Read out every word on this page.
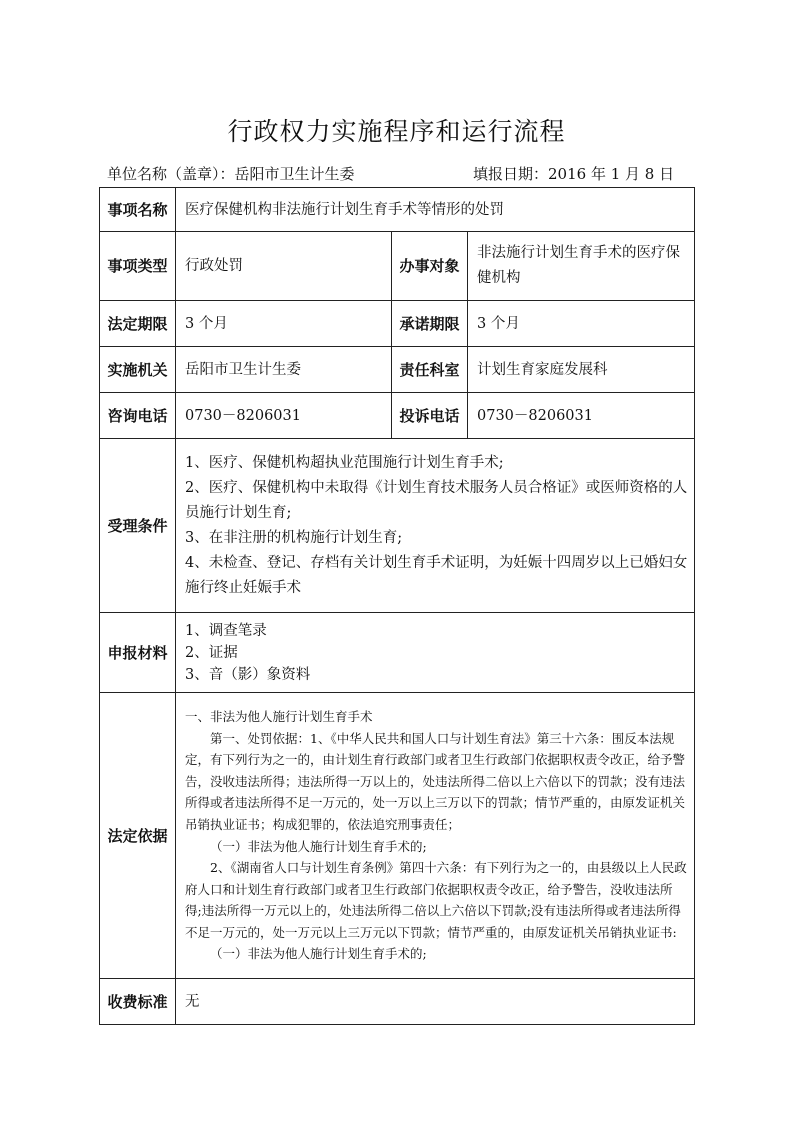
行政权力实施程序和运行流程
单位名称（盖章）：岳阳市卫生计生委	填报日期：2016 年 1 月 8 日
事项名称	医疗保健机构非法施行计划生育手术等情形的处罚		
事项类型	行政处罚	办事对象	非法施行计划生育手术的医疗保健机构
法定期限	3 个月	承诺期限	3 个月
实施机关	岳阳市卫生计生委	责任科室	计划生育家庭发展科
咨询电话	0730－8206031	投诉电话	0730－8206031
受理条件	1、医疗、保健机构超执业范围施行计划生育手术;
2、医疗、保健机构中未取得《计划生育技术服务人员合格证》或医师资格的人员施行计划生育;
3、在非注册的机构施行计划生育;
4、未检查、登记、存档有关计划生育手术证明，为妊娠十四周岁以上已婚妇女施行终止妊娠手术		

申报材料	1、调查笔录
2、证据
3、音（影）象资料		

法定依据	一、非法为他人施行计划生育手术

第一、处罚依据：1、《中华人民共和国人口与计划生育法》第三十六条：围反本法规定，有下列行为之一的，由计划生育行政部门或者卫生行政部门依据职权责令改正，给予警告，没收违法所得；违法所得一万以上的，处违法所得二倍以上六倍以下的罚款；没有违法所得或者违法所得不足一万元的，处一万以上三万以下的罚款；情节严重的，由原发证机关吊销执业证书；构成犯罪的，依法追究刑事责任；

（一）非法为他人施行计划生育手术的;

2、《湖南省人口与计划生育条例》第四十六条：有下列行为之一的，由县级以上人民政府人口和计划生育行政部门或者卫生行政部门依据职权责令改正，给予警告，没收违法所得;违法所得一万元以上的，处违法所得二倍以上六倍以下罚款;没有违法所得或者违法所得不足一万元的，处一万元以上三万元以下罚款；情节严重的，由原发证机关吊销执业证书:

（一）非法为他人施行计划生育手术的;		

收费标准	无		
